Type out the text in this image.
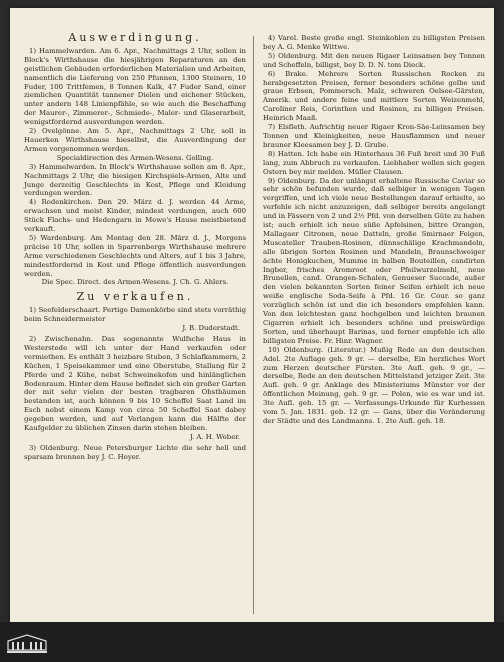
Auswerdingung.

1) Hammelwarden. Am 6. Apr., Nachmittags 2 Uhr, sollen in Block's Wirthshause die hiesjährigen Reparaturen an den geistlichen Gebäuden erforderlichen Materialien und Arbeiten, namentlich die Lieferung von 250 Pfunnen, 1300 Steinern, 10 Fuder, 100 Trittfemen, 8 Tonnen Kalk, 47 Fuder Sand, einer ziemlichen Quantität tannener Dielen und eichener Stücken, unter andern 148 Linienpfähle, so wie auch die Beschaffung der Maurer-, Zimmerer-, Schmiede-, Maler- und Glaserarbeit, wenigstfordernd ausverdungen werden.

2) Ovelgönne. Am 5. Apr., Nachmittags 2 Uhr, soll in Hauerken Wirthshause hieselbst, die Ausverdingung der Armen vorgenommen werden.

Specialdirection des Armen-Wesens. Golling.

3) Hammelwarden. In Block's Wirthshause sollen am 8. Apr., Nachmittags 2 Uhr, die hiesigen Kirchspiels-Armen, Alte und Junge derzeitig Geschlechts in Kost, Pflege und Kleidung verdungen werden.

4) Rodenkirchen. Den 29. März d. J. werden 44 Arme, erwachsen und meist Kinder, mindest verdungen, auch 600 Stück Flachs- und Hedengarn in Mewe's Hause meistbietend verkauft.

5) Wardenburg. Am Montag den 28. März d. J., Morgens präcise 10 Uhr, sollen in Sparrenbergs Wirthshause mehrere Arme verschiedenen Geschlechts und Alters, auf 1 bis 3 Jahre, mindestfordernd in Kost und Pflege öffentlich ausverdungen werden.

Die Spec. Direct. des Armen-Wesens. J. Ch. G. Ahlers.

Zu verkaufen.

1) Seefelderschaart. Fertige Damenkörbe sind stets vorräthig beim Schneidermeister

J. B. Duderstadt.

2) Zwischenahn. Das sogenannte Wulfsche Haus in Westerstede will ich unter der Hand verkaufen oder vermiethen. Es enthält 3 heizbare Stuben, 3 Schlafkammern, 2 Küchen, 1 Speisekammer und eine Oberstube, Stallung für 2 Pferde und 2 Kühe, nebst Schweinekofen und hinlänglichen Bodenraum. Hinter dem Hause befindet sich ein großer Garten der mit sehr vielen der besten tragbaren Obstbäumen bestanden ist, auch können 9 bis 10 Scheffel Saat Land im Esch nebst einem Kamp von circa 50 Scheffel Saat dabey gegeben werden, und auf Verlangen kann die Hälfte der Kaufgelder zu üblichen Zinsen darin stehen bleiben.

J. A. H. Weber.

3) Oldenburg. Neue Petersburger Lichte die sehr hell und sparsam brennen bey J. C. Hoyer.

4) Varel. Beste große engl. Steinkohlen zu billigsten Preisen bey A. G. Menke Wittwe.

5) Oldenburg. Mit den neuen Rigaer Leinsamen bey Tonnen und Scheffeln, billigst, bey D. D. N. tom Dieck.

6) Brake. Mehrere Sorten Russischen Rocken zu herabgesetzten Preisen, ferner besonders schöne gelbe und graue Erbsen, Pommersch. Malz, schweren Oelsee-Gärsten, Amerik. und andere feine und mittlere Sorten Weizenmehl, Caroliner Reis, Corinthen und Rosinen, zu billigen Preisen. Heinrich Maaß.

7) Elsfleth. Aufrichtig neuer Rigaer Kron-Säe-Leinsamen bey Tonnen und Kleinigkeiten, neue Hausflammen und neuer brauner Kleesamen bey J. D. Grube.

8) Hatten. Ich habe ein Hinterhaus 36 Fuß breit und 30 Fuß lang, zum Abbruch zu verkaufen. Liebhaber wollen sich gegen Ostern bey mir melden. Müller Clausen.

9) Oldenburg. Da der unlängst erhaltene Russische Caviar so sehr schön befunden wurde, daß selbiger in wenigen Tagen vergriffen, und ich viele neue Bestellungen darauf erhielte, so verfehle ich nicht anzuzeigen, daß selbiger bereits angelangt und in Fässern von 2 und 2½ Pfd. von derselben Güte zu haben ist; auch erhielt ich neue süße Apfelsinen, bittre Orangen, Mallagaer Citronen, neue Datteln, große Smirnaer Feigen, Muscateller Trauben-Rosinen, dünnschälige Krachmandeln, alle übrigen Sorten Rosinen und Mandeln, Braunschweiger ächte Honigkuchen, Mumme in halben Bouteillen, candirten Ingber, frisches Aromroot oder Pfeilwurzelmehl, neue Brunellen, cand. Orangen-Schalen, Genueser Succade, außer den vielen bekannten Sorten feiner Seifen erhielt ich neue weiße englische Soda-Seife à Pfd. 16 Gr. Cour. so ganz vorzüglich schön ist und die ich besonders empfehlen kann. Von den leichtesten ganz hochgelben und leichten braunen Cigarren erhielt ich besonders schöne und preiswürdige Sorten, und überhaupt Barinas, und ferner empfehle ich alle billigsten Preise. Fr. Hinr. Wagner.

10) Oldenburg. (Literatur.) Mußig Rede an den deutschen Adel. 2te Auflage geh. 9 gr. — derselbe, Ein herzliches Wort zum Herzen deutscher Fürsten. 3te Aufl. geh. 9 gr., — derselbe, Rede an den deutschen Mittelstand jetziger Zeit. 3te Aufl. geh. 9 gr. Anklage des Ministeriums Münster vor der öffentlichen Meinung, geh. 9 gr. — Polen, wie es war und ist. 3te Aufl. geh. 15 gr. — Verfassungs-Urkunde für Kurhessen vom 5. Jan. 1831. geb. 12 gr. — Gans, über die Veränderung der Städte und des Landmanns. 1. 2te Aufl. geh. 18.
